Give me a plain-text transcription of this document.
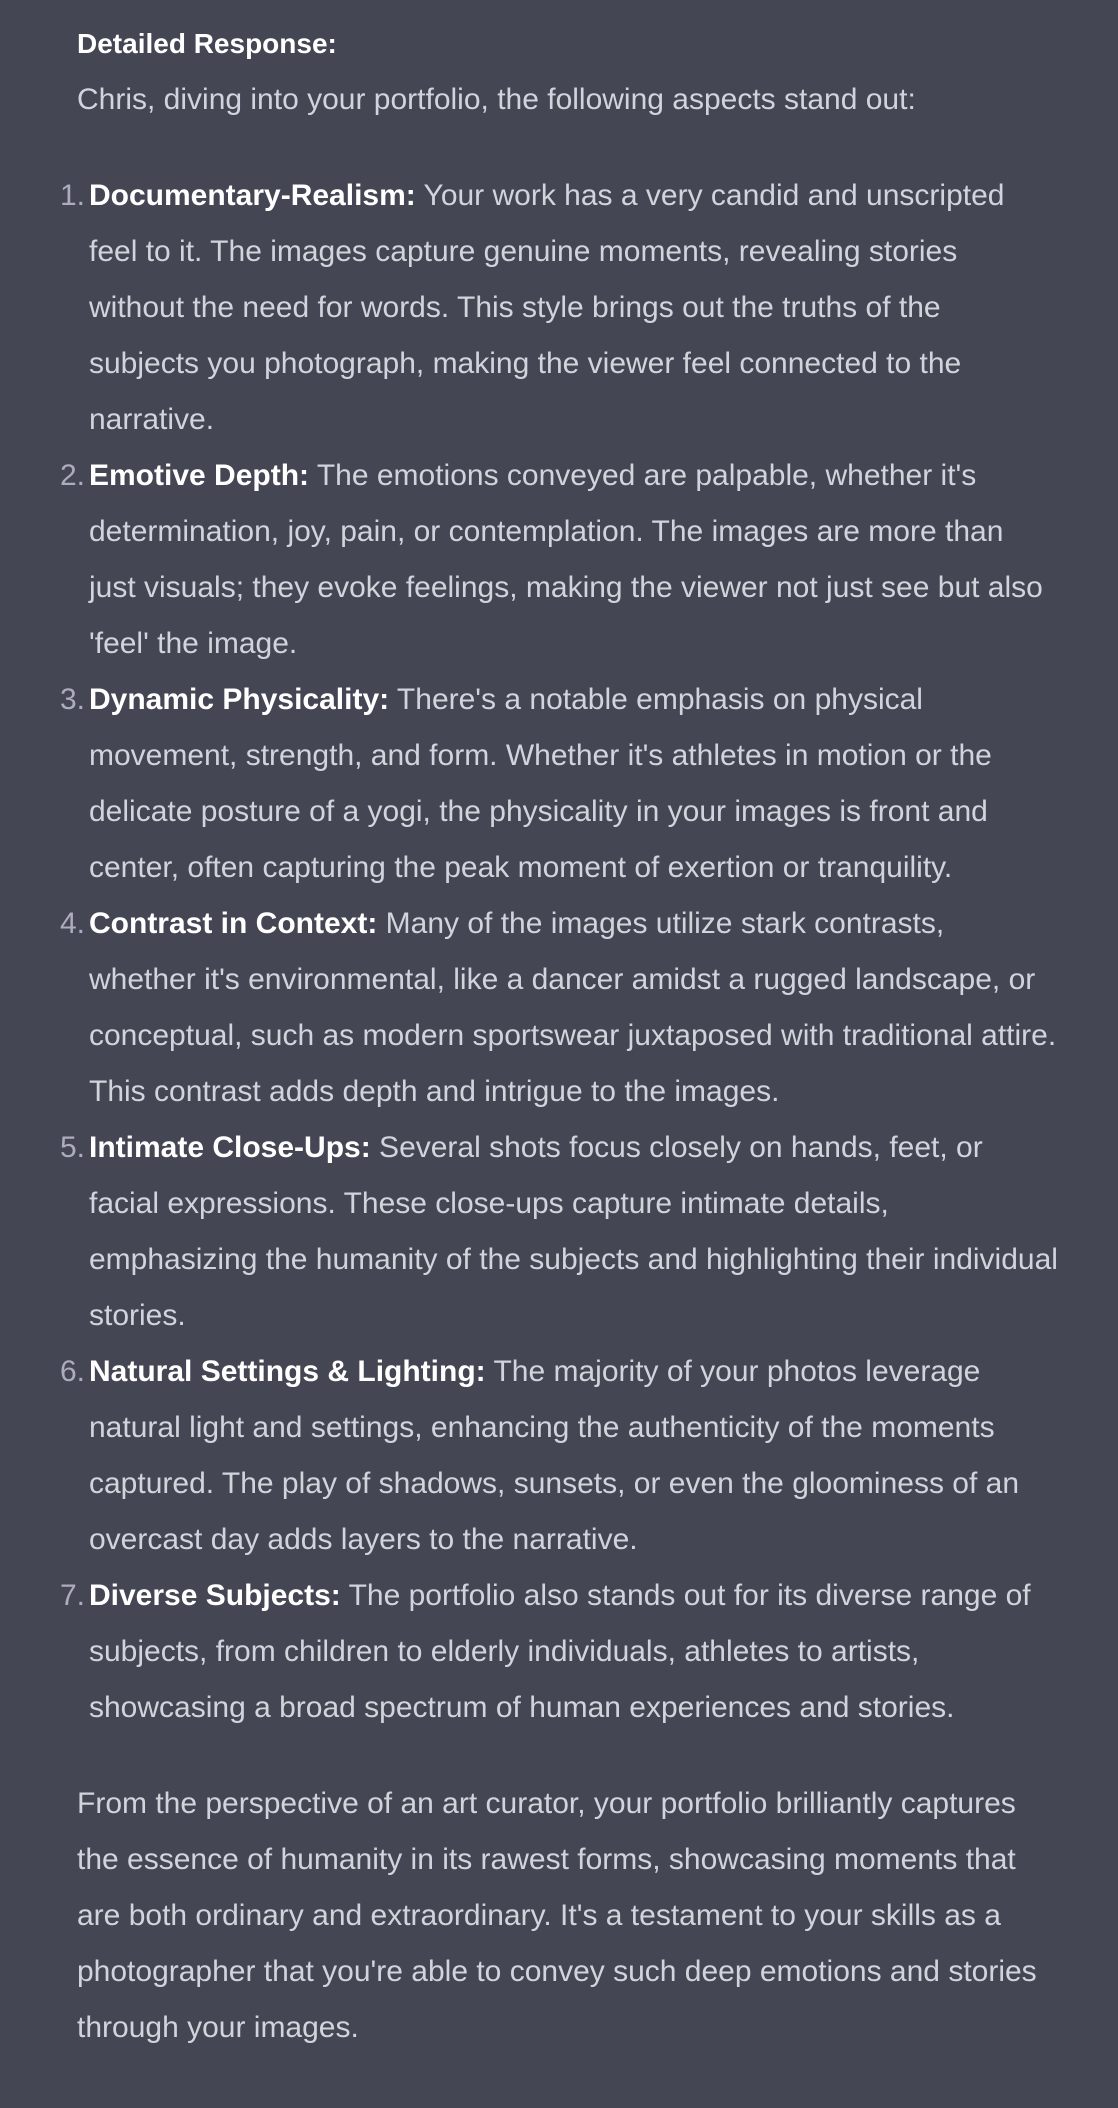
Detailed Response:

Chris, diving into your portfolio, the following aspects stand out:

1. Documentary-Realism: Your work has a very candid and unscripted feel to it. The images capture genuine moments, revealing stories without the need for words. This style brings out the truths of the subjects you photograph, making the viewer feel connected to the narrative.
2. Emotive Depth: The emotions conveyed are palpable, whether it's determination, joy, pain, or contemplation. The images are more than just visuals; they evoke feelings, making the viewer not just see but also 'feel' the image.
3. Dynamic Physicality: There's a notable emphasis on physical movement, strength, and form. Whether it's athletes in motion or the delicate posture of a yogi, the physicality in your images is front and center, often capturing the peak moment of exertion or tranquility.
4. Contrast in Context: Many of the images utilize stark contrasts, whether it's environmental, like a dancer amidst a rugged landscape, or conceptual, such as modern sportswear juxtaposed with traditional attire. This contrast adds depth and intrigue to the images.
5. Intimate Close-Ups: Several shots focus closely on hands, feet, or facial expressions. These close-ups capture intimate details, emphasizing the humanity of the subjects and highlighting their individual stories.
6. Natural Settings & Lighting: The majority of your photos leverage natural light and settings, enhancing the authenticity of the moments captured. The play of shadows, sunsets, or even the gloominess of an overcast day adds layers to the narrative.
7. Diverse Subjects: The portfolio also stands out for its diverse range of subjects, from children to elderly individuals, athletes to artists, showcasing a broad spectrum of human experiences and stories.

From the perspective of an art curator, your portfolio brilliantly captures the essence of humanity in its rawest forms, showcasing moments that are both ordinary and extraordinary. It's a testament to your skills as a photographer that you're able to convey such deep emotions and stories through your images.
